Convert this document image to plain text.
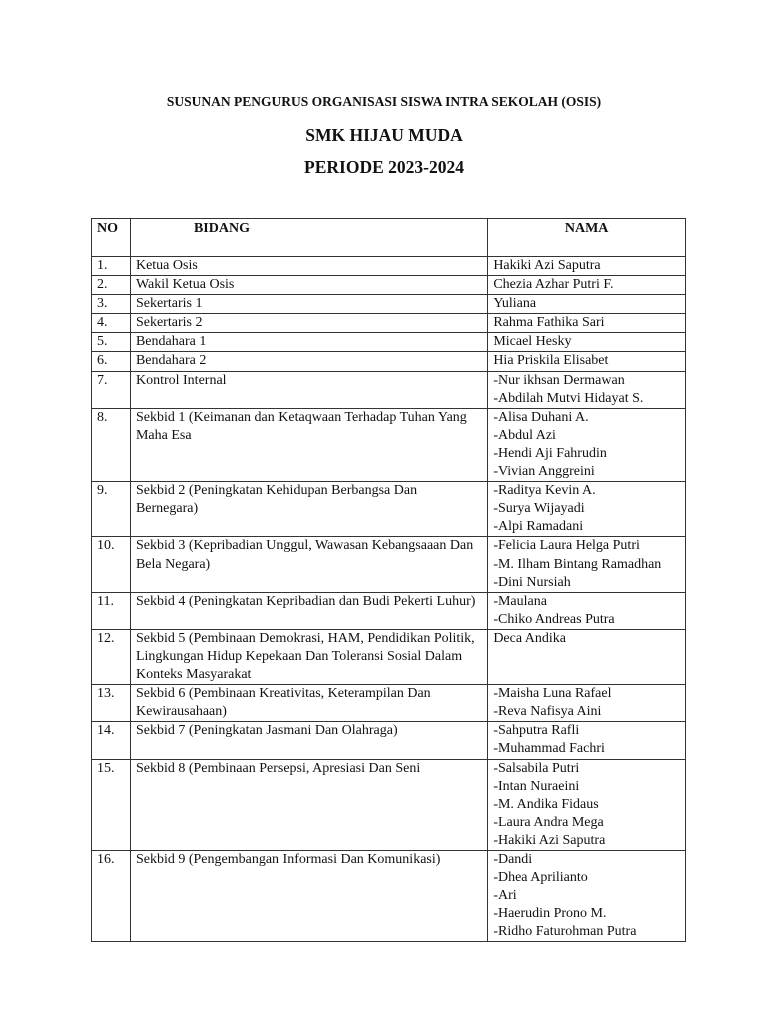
SUSUNAN PENGURUS ORGANISASI SISWA INTRA SEKOLAH (OSIS)
SMK HIJAU MUDA
PERIODE 2023-2024
NO	BIDANG	NAMA
1.	Ketua Osis	Hakiki Azi Saputra

2.	Wakil Ketua Osis	Chezia Azhar Putri F.

3.	Sekertaris 1	Yuliana

4.	Sekertaris 2	Rahma Fathika Sari

5.	Bendahara 1	Micael Hesky

6.	Bendahara 2	Hia Priskila Elisabet

7.	Kontrol Internal	-Nur ikhsan Dermawan
-Abdilah Mutvi Hidayat S.

8.	Sekbid 1 (Keimanan dan Ketaqwaan Terhadap Tuhan Yang Maha Esa	-Alisa Duhani A.
-Abdul Azi
-Hendi Aji Fahrudin
-Vivian Anggreini

9.	Sekbid 2 (Peningkatan Kehidupan Berbangsa Dan Bernegara)	-Raditya Kevin A.
-Surya Wijayadi
-Alpi Ramadani

10.	Sekbid 3 (Kepribadian Unggul, Wawasan Kebangsaaan Dan Bela Negara)	-Felicia Laura Helga Putri
-M. Ilham Bintang Ramadhan
-Dini Nursiah

11.	Sekbid 4 (Peningkatan Kepribadian dan Budi Pekerti Luhur)	-Maulana
-Chiko Andreas Putra

12.	Sekbid 5 (Pembinaan Demokrasi, HAM, Pendidikan Politik, Lingkungan Hidup Kepekaan Dan Toleransi Sosial Dalam Konteks Masyarakat	Deca Andika

13.	Sekbid 6 (Pembinaan Kreativitas, Keterampilan Dan Kewirausahaan)	-Maisha Luna Rafael
-Reva Nafisya Aini

14.	Sekbid 7 (Peningkatan Jasmani Dan Olahraga)	-Sahputra Rafli
-Muhammad Fachri

15.	Sekbid 8 (Pembinaan Persepsi, Apresiasi Dan Seni	-Salsabila Putri
-Intan Nuraeini
-M. Andika Fidaus
-Laura Andra Mega
-Hakiki Azi Saputra

16.	Sekbid 9 (Pengembangan Informasi Dan Komunikasi)	-Dandi
-Dhea Aprilianto
-Ari
-Haerudin Prono M.
-Ridho Faturohman Putra
